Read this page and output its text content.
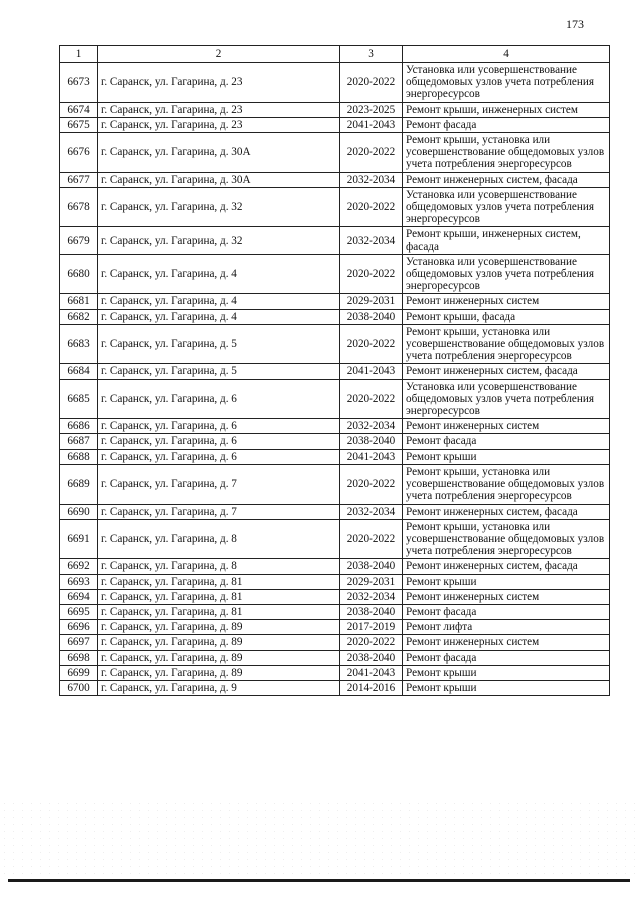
173
1	2	3	4
6673	г. Саранск, ул. Гагарина, д. 23	2020-2022	Установка или усовершенствование общедомовых узлов учета потребления энергоресурсов
6674	г. Саранск, ул. Гагарина, д. 23	2023-2025	Ремонт крыши, инженерных систем
6675	г. Саранск, ул. Гагарина, д. 23	2041-2043	Ремонт фасада
6676	г. Саранск, ул. Гагарина, д. 30А	2020-2022	Ремонт крыши, установка или усовершенствование общедомовых узлов учета потребления энергоресурсов
6677	г. Саранск, ул. Гагарина, д. 30А	2032-2034	Ремонт инженерных систем, фасада
6678	г. Саранск, ул. Гагарина, д. 32	2020-2022	Установка или усовершенствование общедомовых узлов учета потребления энергоресурсов
6679	г. Саранск, ул. Гагарина, д. 32	2032-2034	Ремонт крыши, инженерных систем, фасада
6680	г. Саранск, ул. Гагарина, д. 4	2020-2022	Установка или усовершенствование общедомовых узлов учета потребления энергоресурсов
6681	г. Саранск, ул. Гагарина, д. 4	2029-2031	Ремонт инженерных систем
6682	г. Саранск, ул. Гагарина, д. 4	2038-2040	Ремонт крыши, фасада
6683	г. Саранск, ул. Гагарина, д. 5	2020-2022	Ремонт крыши, установка или усовершенствование общедомовых узлов учета потребления энергоресурсов
6684	г. Саранск, ул. Гагарина, д. 5	2041-2043	Ремонт инженерных систем, фасада
6685	г. Саранск, ул. Гагарина, д. 6	2020-2022	Установка или усовершенствование общедомовых узлов учета потребления энергоресурсов
6686	г. Саранск, ул. Гагарина, д. 6	2032-2034	Ремонт инженерных систем
6687	г. Саранск, ул. Гагарина, д. 6	2038-2040	Ремонт фасада
6688	г. Саранск, ул. Гагарина, д. 6	2041-2043	Ремонт крыши
6689	г. Саранск, ул. Гагарина, д. 7	2020-2022	Ремонт крыши, установка или усовершенствование общедомовых узлов учета потребления энергоресурсов
6690	г. Саранск, ул. Гагарина, д. 7	2032-2034	Ремонт инженерных систем, фасада
6691	г. Саранск, ул. Гагарина, д. 8	2020-2022	Ремонт крыши, установка или усовершенствование общедомовых узлов учета потребления энергоресурсов
6692	г. Саранск, ул. Гагарина, д. 8	2038-2040	Ремонт инженерных систем, фасада
6693	г. Саранск, ул. Гагарина, д. 81	2029-2031	Ремонт крыши
6694	г. Саранск, ул. Гагарина, д. 81	2032-2034	Ремонт инженерных систем
6695	г. Саранск, ул. Гагарина, д. 81	2038-2040	Ремонт фасада
6696	г. Саранск, ул. Гагарина, д. 89	2017-2019	Ремонт лифта
6697	г. Саранск, ул. Гагарина, д. 89	2020-2022	Ремонт инженерных систем
6698	г. Саранск, ул. Гагарина, д. 89	2038-2040	Ремонт фасада
6699	г. Саранск, ул. Гагарина, д. 89	2041-2043	Ремонт крыши
6700	г. Саранск, ул. Гагарина, д. 9	2014-2016	Ремонт крыши
